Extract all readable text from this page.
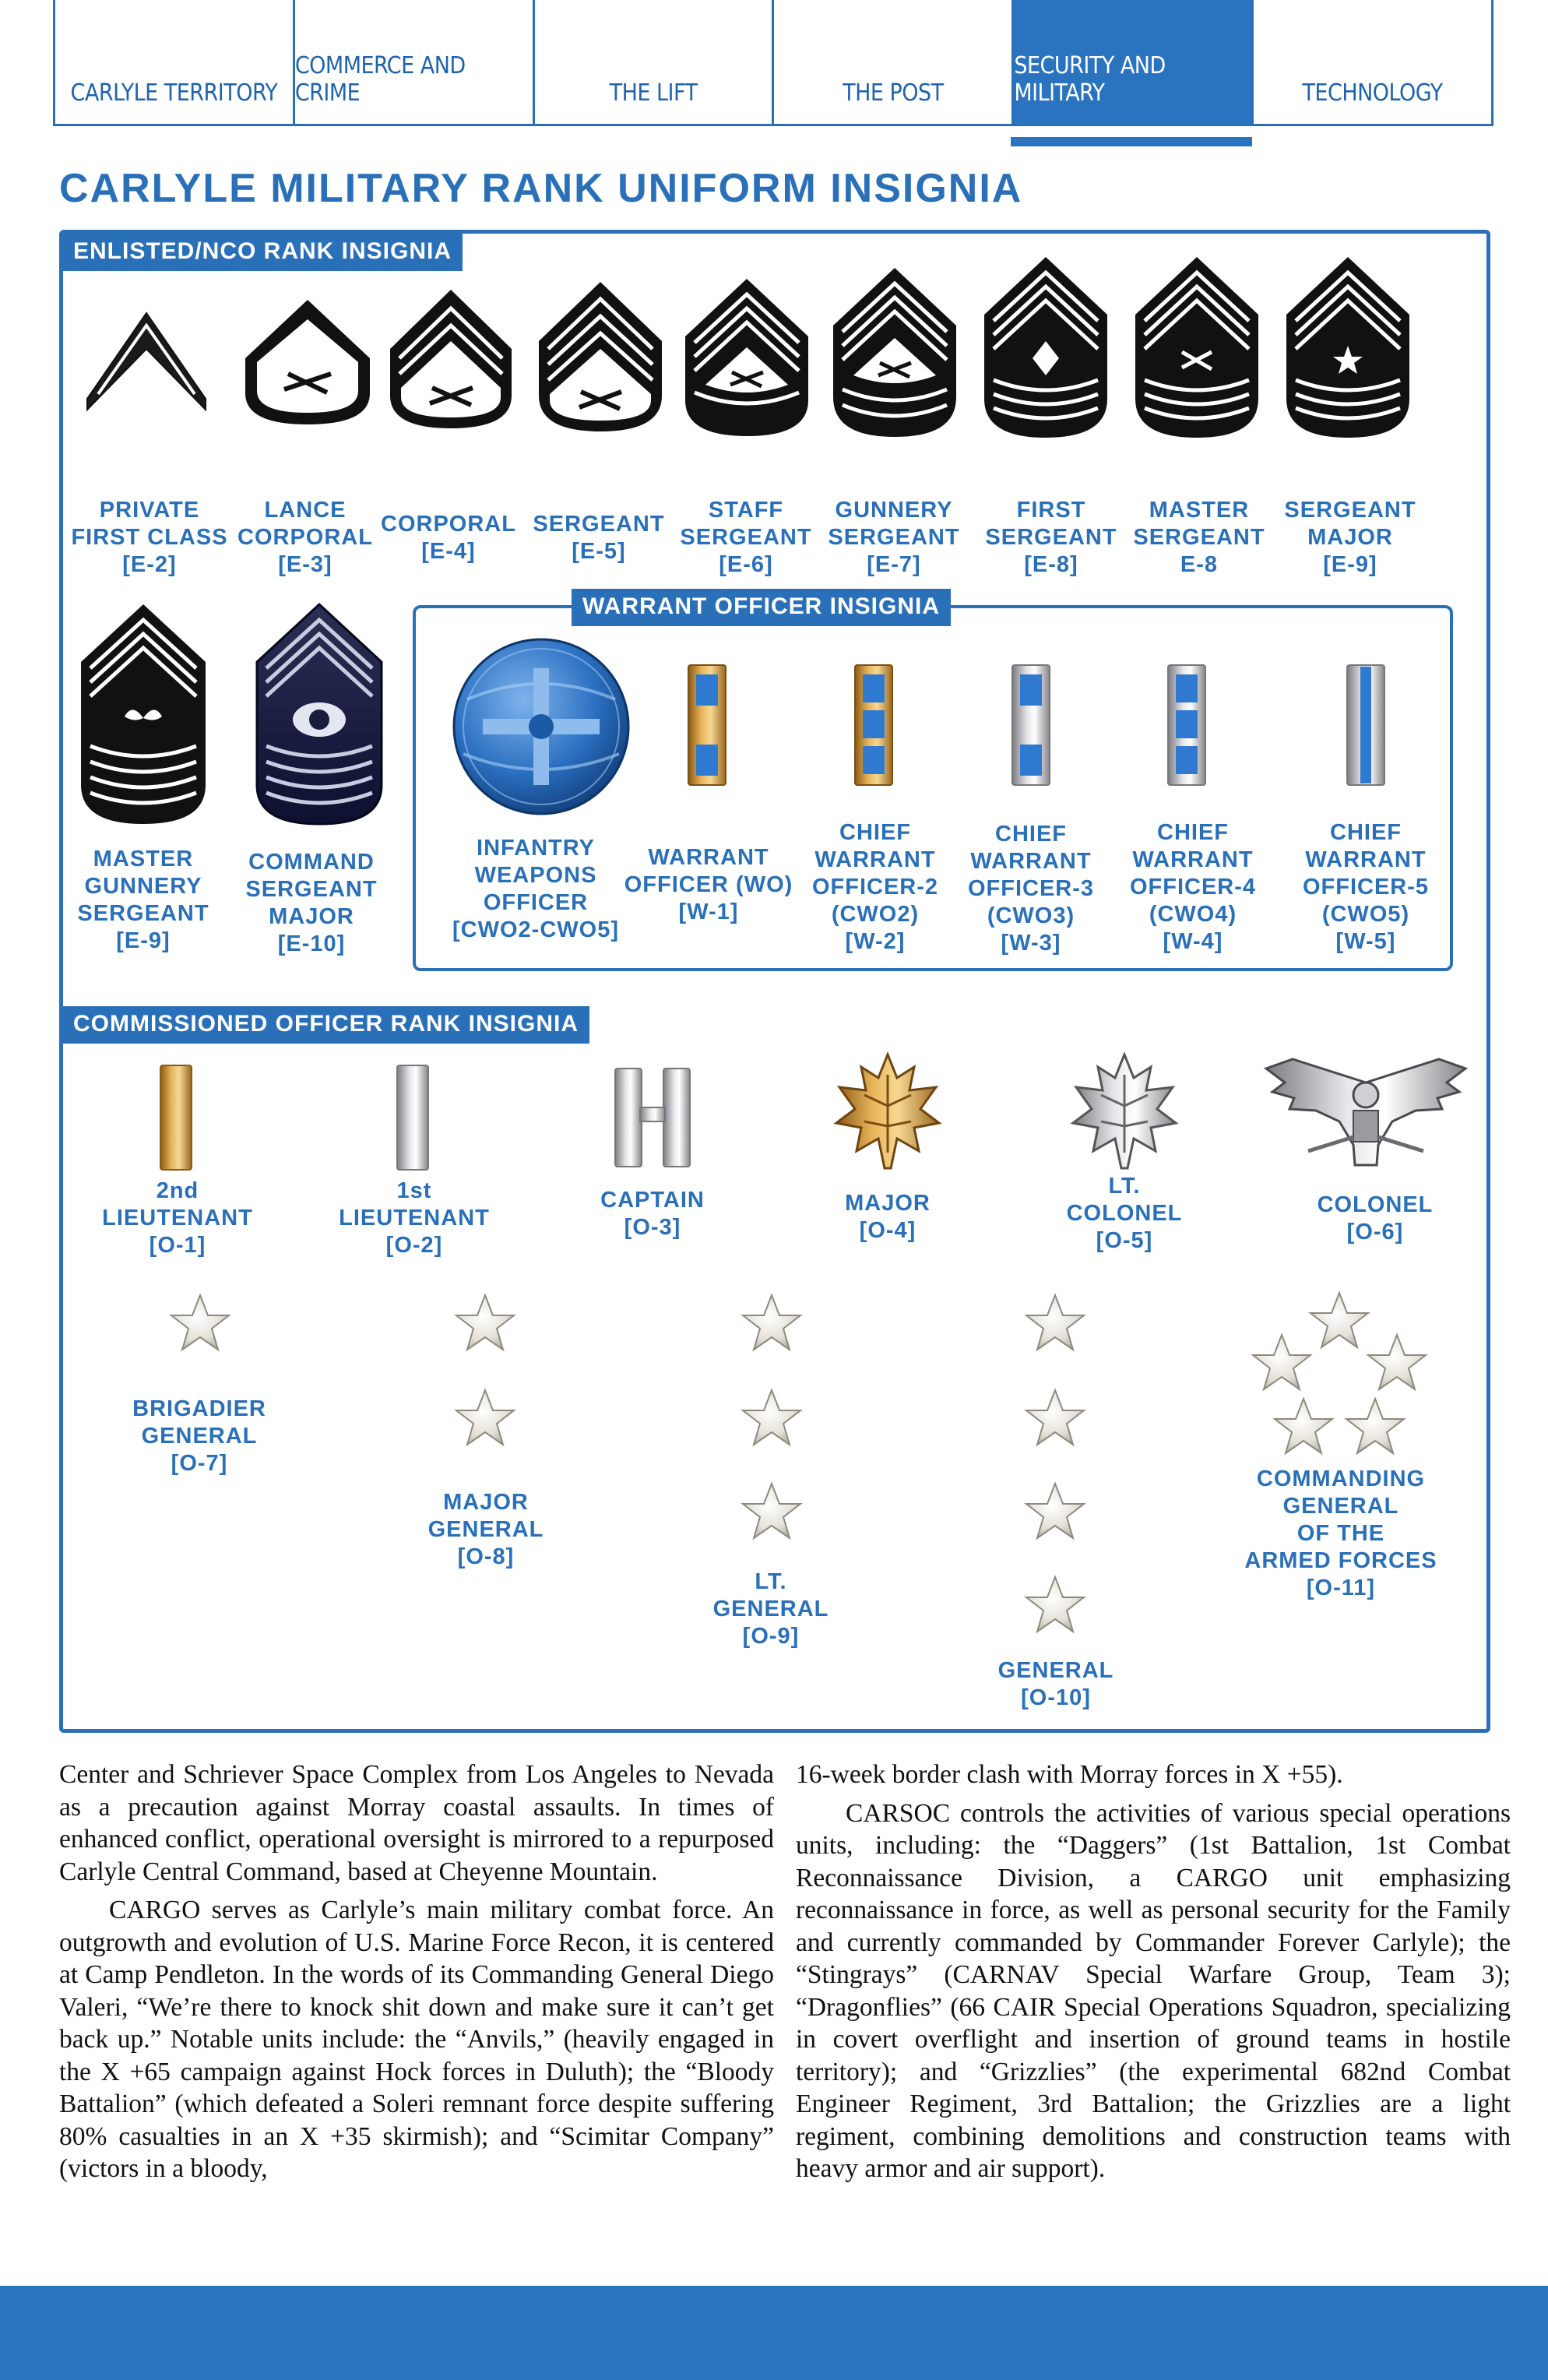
CARLYLE TERRITORY
COMMERCE AND CRIME	THE LIFT	THE POST
SECURITY AND MILITARY	TECHNOLOGY
CARLYLE MILITARY RANK UNIFORM INSIGNIA
ENLISTED/NCO RANK INSIGNIA
PRIVATE
FIRST CLASS
[E-2]
LANCE
CORPORAL
[E-3]
CORPORAL
[E-4]
SERGEANT
[E-5]
STAFF
SERGEANT
[E-6]
GUNNERY
SERGEANT
[E-7]
FIRST
SERGEANT
[E-8]
MASTER
SERGEANT
E-8
SERGEANT
MAJOR
[E-9]
MASTER
GUNNERY
SERGEANT
[E-9]
COMMAND
SERGEANT
MAJOR
[E-10]
WARRANT OFFICER INSIGNIA
INFANTRY
WEAPONS
OFFICER
[CWO2-CWO5]
WARRANT
OFFICER (WO)
[W-1]
CHIEF
WARRANT
OFFICER-2
(CWO2)
[W-2]
CHIEF
WARRANT
OFFICER-3
(CWO3)
[W-3]
CHIEF
WARRANT
OFFICER-4
(CWO4)
[W-4]
CHIEF
WARRANT
OFFICER-5
(CWO5)
[W-5]
COMMISSIONED OFFICER RANK INSIGNIA
2nd
LIEUTENANT
[O-1]
1st
LIEUTENANT
[O-2]
CAPTAIN
[O-3]
MAJOR
[O-4]
LT.
COLONEL
[O-5]
COLONEL
[O-6]
BRIGADIER
GENERAL
[O-7]
MAJOR
GENERAL
[O-8]
LT.
GENERAL
[O-9]
GENERAL
[O-10]
COMMANDING
GENERAL
OF THE
ARMED FORCES
[O-11]

Center and Schriever Space Complex from Los Angeles to Nevada as a precaution against Morray coastal assaults. In times of enhanced conflict, operational oversight is mirrored to a repurposed Carlyle Central Command, based at Cheyenne Mountain.

CARGO serves as Carlyle’s main military combat force. An outgrowth and evolution of U.S. Marine Force Recon, it is centered at Camp Pendleton. In the words of its Commanding General Diego Valeri, “We’re there to knock shit down and make sure it can’t get back up.” Notable units include: the “Anvils,” (heavily engaged in the X +65 campaign against Hock forces in Duluth); the “Bloody Battalion” (which defeated a Soleri remnant force despite suffering 80% casualties in an X +35 skirmish); and “Scimitar Company” (victors in a bloody,

16-week border clash with Morray forces in X +55).

CARSOC controls the activities of various special operations units, including: the “Daggers” (1st Battalion, 1st Combat Reconnaissance Division, a CARGO unit emphasizing reconnaissance in force, as well as personal security for the Family and currently commanded by Commander Forever Carlyle); the “Stingrays” (CARNAV Special Warfare Group, Team 3); “Dragonflies” (66 CAIR Special Operations Squadron, specializing in covert overflight and insertion of ground teams in hostile territory); and “Grizzlies” (the experimental 682nd Combat Engineer Regiment, 3rd Battalion; the Grizzlies are a light regiment, combining demolitions and construction teams with heavy armor and air support).
